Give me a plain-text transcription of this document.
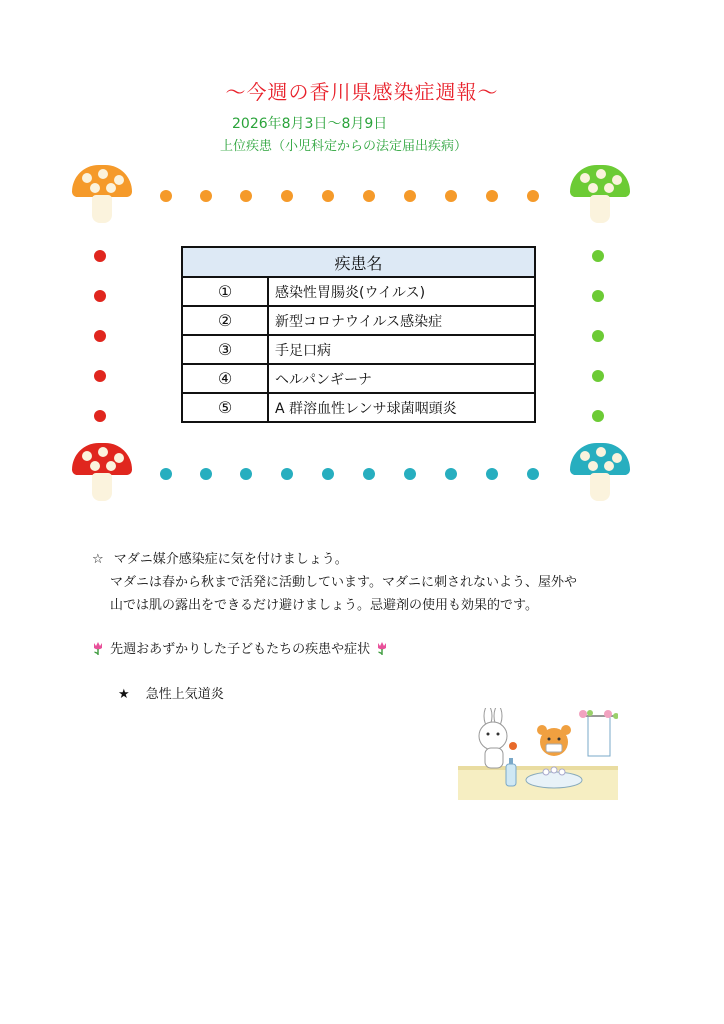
～今週の香川県感染症週報～
2026年8月3日～8月9日
上位疾患（小児科定からの法定届出疾病）
疾患名	
①	感染性胃腸炎(ウイルス)
②	新型コロナウイルス感染症
③	手足口病
④	ヘルパンギーナ
⑤	A 群溶血性レンサ球菌咽頭炎
☆ マダニ媒介感染症に気を付けましょう。
マダニは春から秋まで活発に活動しています。マダニに刺されないよう、屋外や
山では肌の露出をできるだけ避けましょう。忌避剤の使用も効果的です。
先週おあずかりした子どもたちの疾患や症状
★ 急性上気道炎
